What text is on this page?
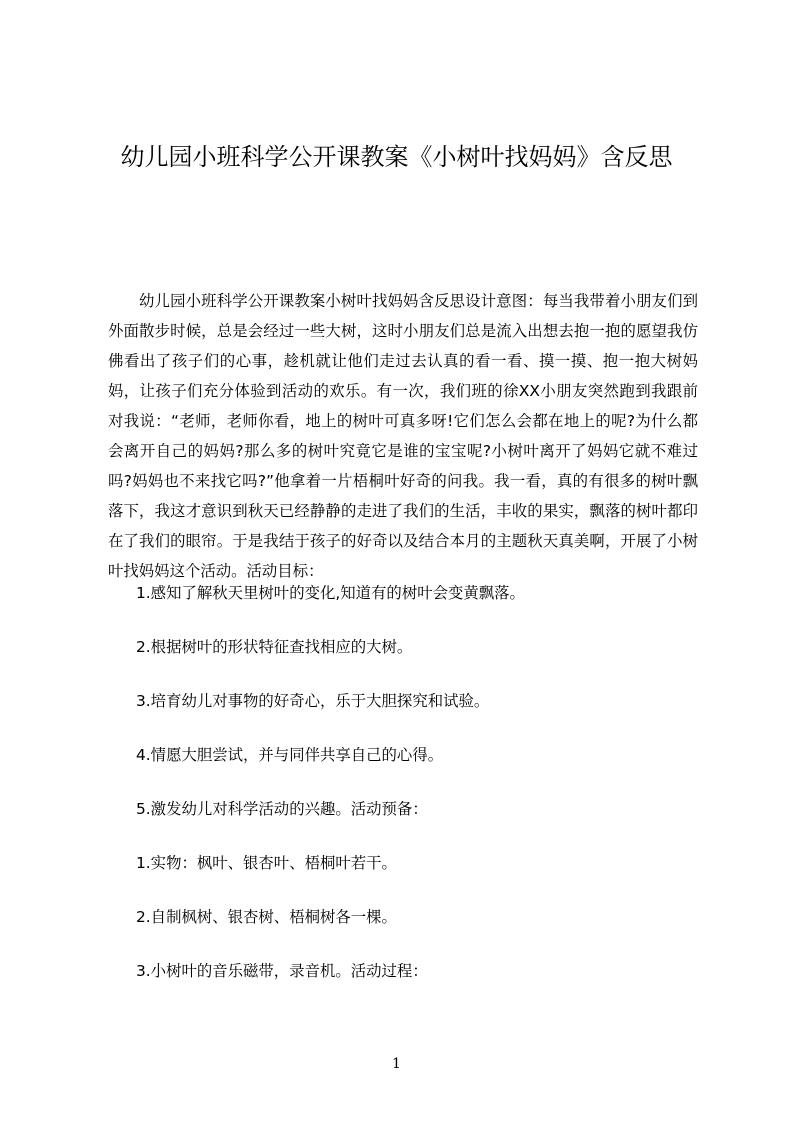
幼儿园小班科学公开课教案《小树叶找妈妈》含反思
幼儿园小班科学公开课教案小树叶找妈妈含反思设计意图：每当我带着小朋友们到外面散步时候，总是会经过一些大树，这时小朋友们总是流入出想去抱一抱的愿望我仿佛看出了孩子们的心事，趁机就让他们走过去认真的看一看、摸一摸、抱一抱大树妈妈，让孩子们充分体验到活动的欢乐。有一次，我们班的徐XX小朋友突然跑到我跟前对我说：“老师，老师你看，地上的树叶可真多呀!它们怎么会都在地上的呢?为什么都会离开自己的妈妈?那么多的树叶究竟它是谁的宝宝呢?小树叶离开了妈妈它就不难过吗?妈妈也不来找它吗?”他拿着一片梧桐叶好奇的问我。我一看，真的有很多的树叶飘落下，我这才意识到秋天已经静静的走进了我们的生活，丰收的果实，飘落的树叶都印在了我们的眼帘。于是我结于孩子的好奇以及结合本月的主题秋天真美啊，开展了小树叶找妈妈这个活动。活动目标：
1.感知了解秋天里树叶的变化,知道有的树叶会变黄飘落。
2.根据树叶的形状特征查找相应的大树。
3.培育幼儿对事物的好奇心，乐于大胆探究和试验。
4.情愿大胆尝试，并与同伴共享自己的心得。
5.激发幼儿对科学活动的兴趣。活动预备：
1.实物：枫叶、银杏叶、梧桐叶若干。
2.自制枫树、银杏树、梧桐树各一棵。
3.小树叶的音乐磁带，录音机。活动过程：
1
